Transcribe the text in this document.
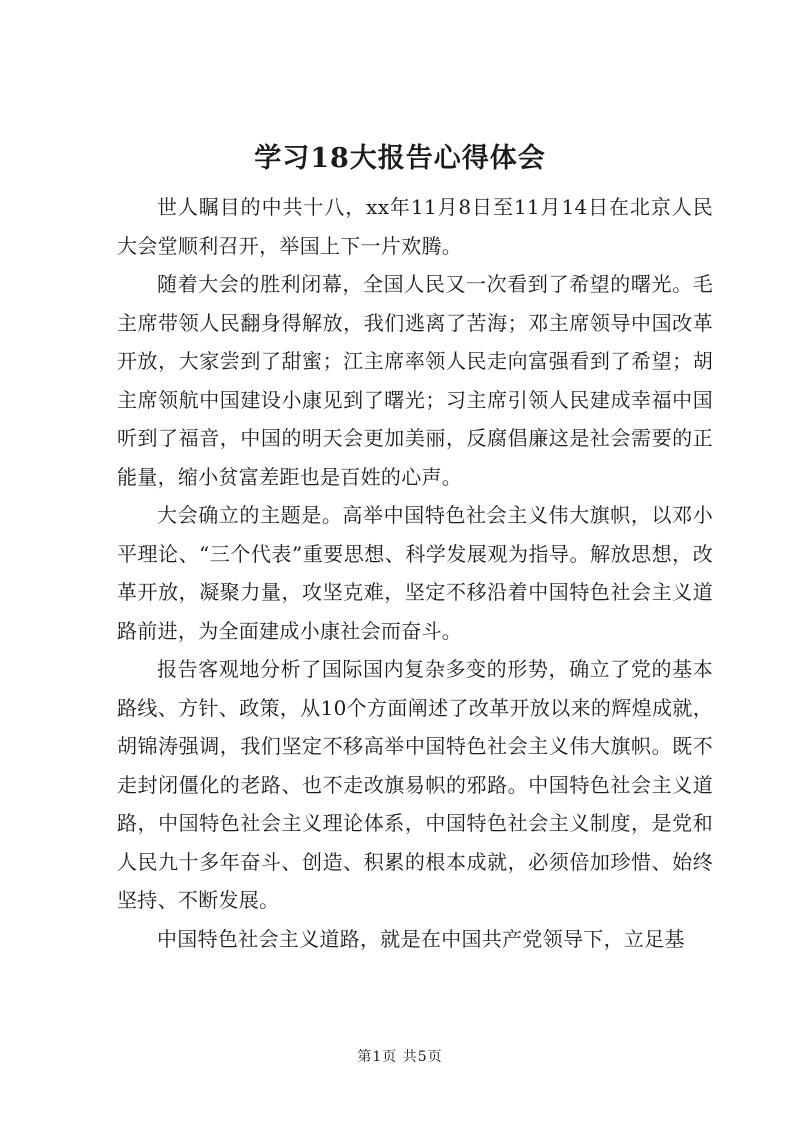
学习18大报告心得体会

世人瞩目的中共十八，xx年11月8日至11月14日在北京人民大会堂顺利召开，举国上下一片欢腾。

随着大会的胜利闭幕，全国人民又一次看到了希望的曙光。毛主席带领人民翻身得解放，我们逃离了苦海；邓主席领导中国改革开放，大家尝到了甜蜜；江主席率领人民走向富强看到了希望；胡主席领航中国建设小康见到了曙光；习主席引领人民建成幸福中国听到了福音，中国的明天会更加美丽，反腐倡廉这是社会需要的正能量，缩小贫富差距也是百姓的心声。

大会确立的主题是。高举中国特色社会主义伟大旗帜，以邓小平理论、“三个代表”重要思想、科学发展观为指导。解放思想，改革开放，凝聚力量，攻坚克难，坚定不移沿着中国特色社会主义道路前进，为全面建成小康社会而奋斗。

报告客观地分析了国际国内复杂多变的形势，确立了党的基本路线、方针、政策，从10个方面阐述了改革开放以来的辉煌成就，胡锦涛强调，我们坚定不移高举中国特色社会主义伟大旗帜。既不走封闭僵化的老路、也不走改旗易帜的邪路。中国特色社会主义道路，中国特色社会主义理论体系，中国特色社会主义制度，是党和人民九十多年奋斗、创造、积累的根本成就，必须倍加珍惜、始终坚持、不断发展。

中国特色社会主义道路，就是在中国共产党领导下，立足基

第1页 共5页
